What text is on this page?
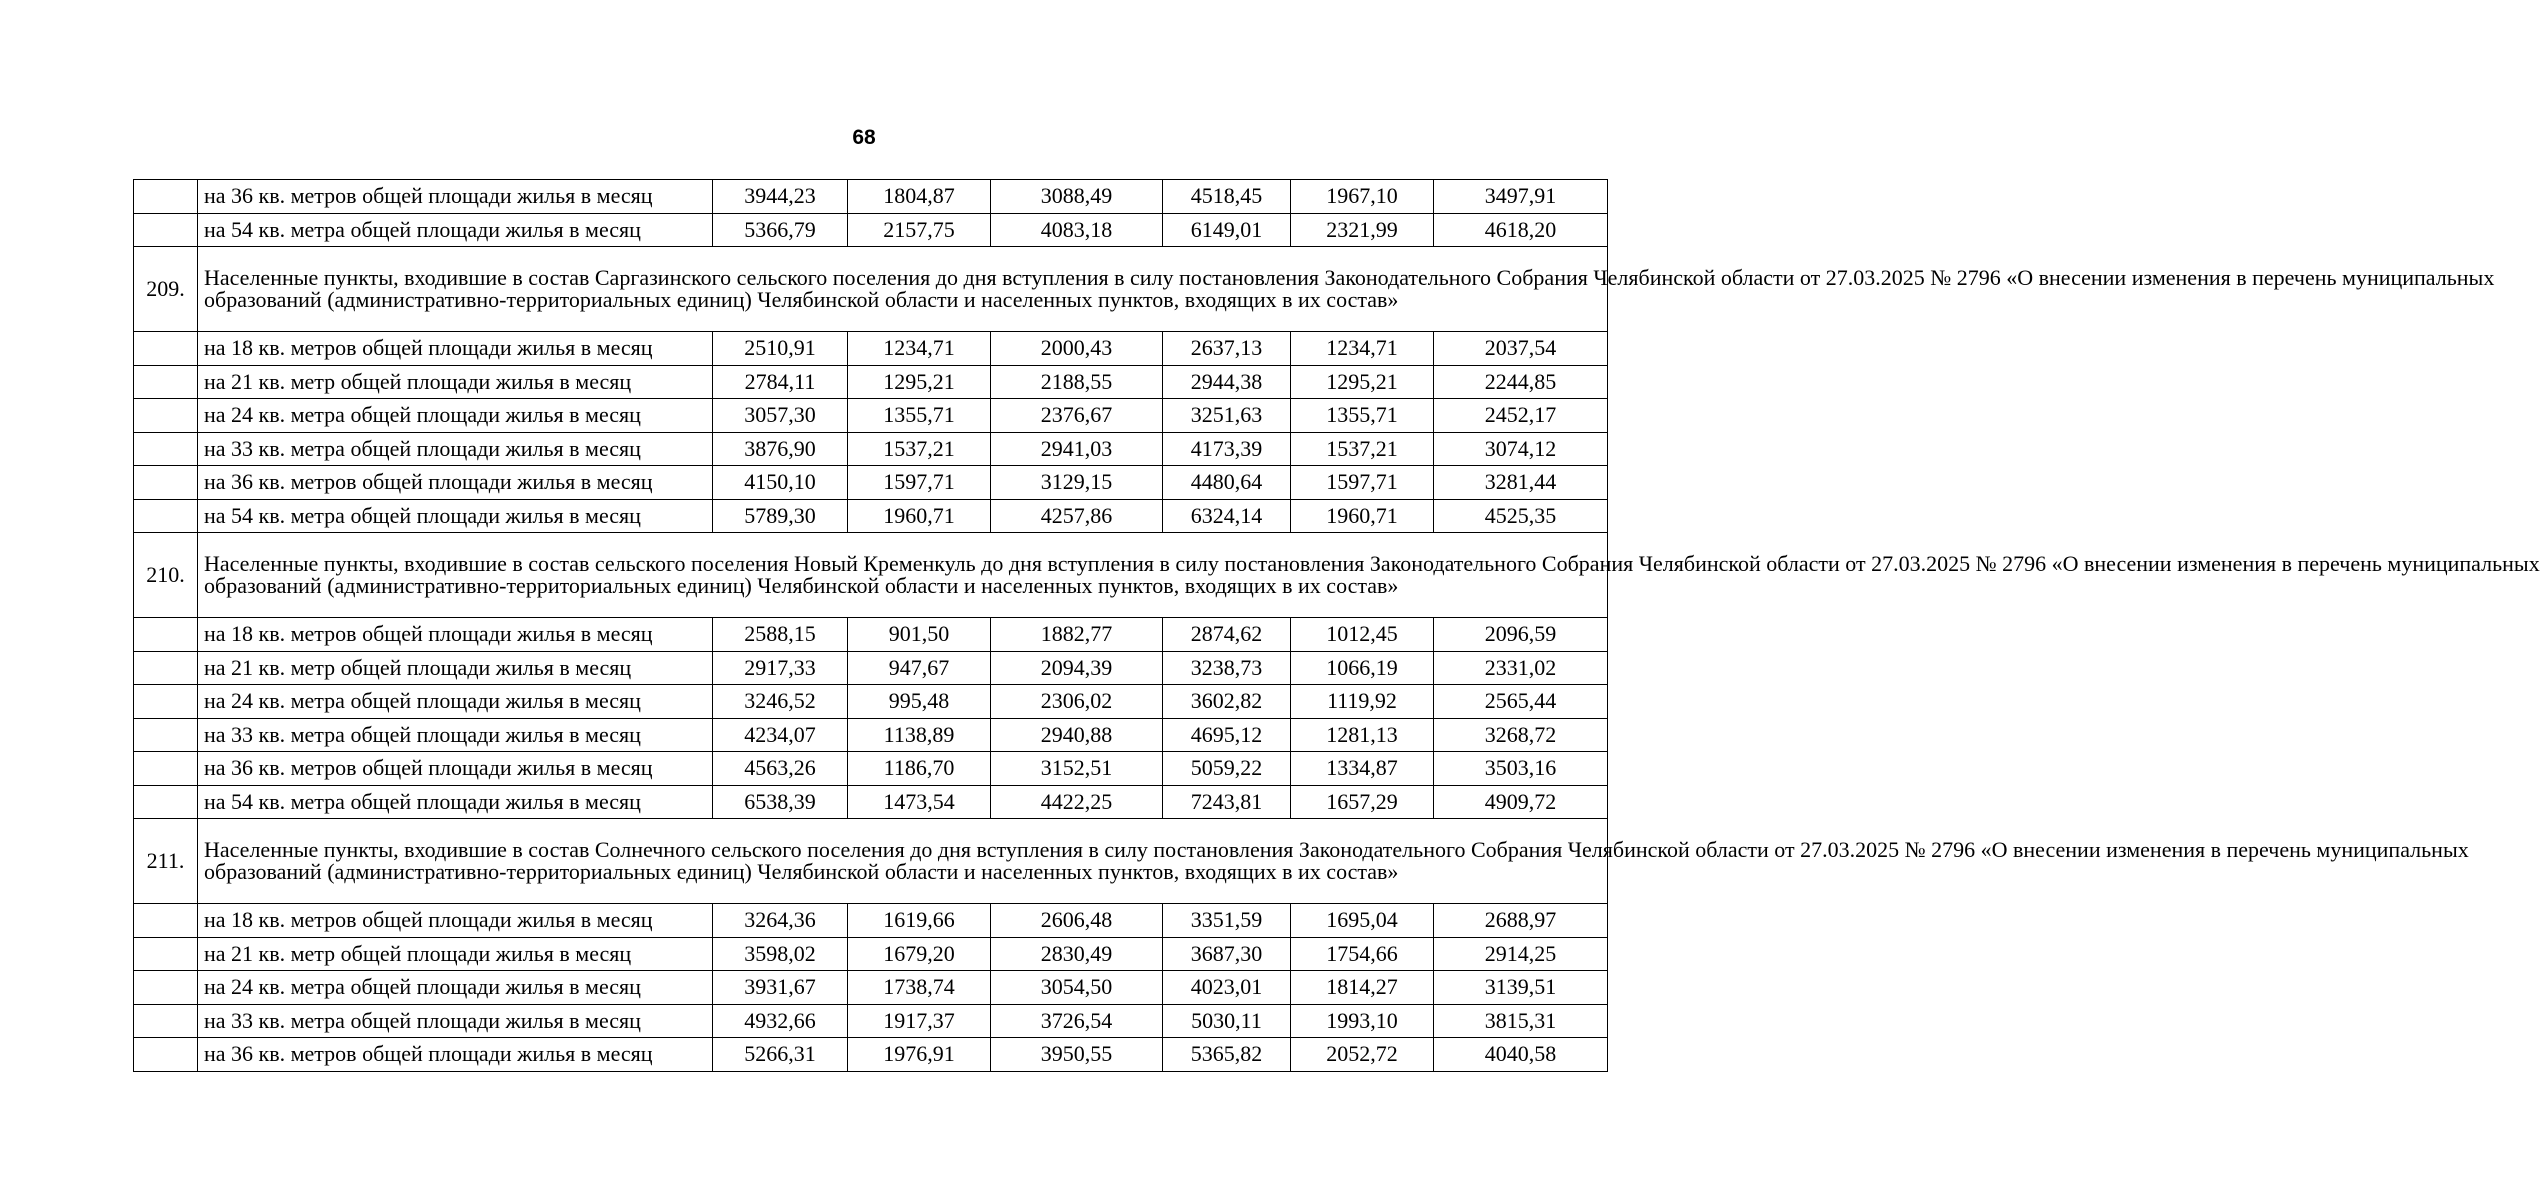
68
	на 36 кв. метров общей площади жилья в месяц	3944,23	1804,87	3088,49	4518,45	1967,10	3497,91
	на 54 кв. метра общей площади жилья в месяц	5366,79	2157,75	4083,18	6149,01	2321,99	4618,20
209.	Населенные пункты, входившие в состав Саргазинского сельского поселения до дня вступления в силу постановления Законодательного Собрания Челябинской области от 27.03.2025 № 2796 «О внесении изменения в перечень муниципальных
образований (административно-территориальных единиц) Челябинской области и населенных пунктов, входящих в их состав»						

	на 18 кв. метров общей площади жилья в месяц	2510,91	1234,71	2000,43	2637,13	1234,71	2037,54
	на 21 кв. метр общей площади жилья в месяц	2784,11	1295,21	2188,55	2944,38	1295,21	2244,85
	на 24 кв. метра общей площади жилья в месяц	3057,30	1355,71	2376,67	3251,63	1355,71	2452,17
	на 33 кв. метра общей площади жилья в месяц	3876,90	1537,21	2941,03	4173,39	1537,21	3074,12
	на 36 кв. метров общей площади жилья в месяц	4150,10	1597,71	3129,15	4480,64	1597,71	3281,44
	на 54 кв. метра общей площади жилья в месяц	5789,30	1960,71	4257,86	6324,14	1960,71	4525,35
210.	Населенные пункты, входившие в состав сельского поселения Новый Кременкуль до дня вступления в силу постановления Законодательного Собрания Челябинской области от 27.03.2025 № 2796 «О внесении изменения в перечень муниципальных
образований (административно-территориальных единиц) Челябинской области и населенных пунктов, входящих в их состав»						

	на 18 кв. метров общей площади жилья в месяц	2588,15	901,50	1882,77	2874,62	1012,45	2096,59
	на 21 кв. метр общей площади жилья в месяц	2917,33	947,67	2094,39	3238,73	1066,19	2331,02
	на 24 кв. метра общей площади жилья в месяц	3246,52	995,48	2306,02	3602,82	1119,92	2565,44
	на 33 кв. метра общей площади жилья в месяц	4234,07	1138,89	2940,88	4695,12	1281,13	3268,72
	на 36 кв. метров общей площади жилья в месяц	4563,26	1186,70	3152,51	5059,22	1334,87	3503,16
	на 54 кв. метра общей площади жилья в месяц	6538,39	1473,54	4422,25	7243,81	1657,29	4909,72
211.	Населенные пункты, входившие в состав Солнечного сельского поселения до дня вступления в силу постановления Законодательного Собрания Челябинской области от 27.03.2025 № 2796 «О внесении изменения в перечень муниципальных
образований (административно-территориальных единиц) Челябинской области и населенных пунктов, входящих в их состав»						

	на 18 кв. метров общей площади жилья в месяц	3264,36	1619,66	2606,48	3351,59	1695,04	2688,97
	на 21 кв. метр общей площади жилья в месяц	3598,02	1679,20	2830,49	3687,30	1754,66	2914,25
	на 24 кв. метра общей площади жилья в месяц	3931,67	1738,74	3054,50	4023,01	1814,27	3139,51
	на 33 кв. метра общей площади жилья в месяц	4932,66	1917,37	3726,54	5030,11	1993,10	3815,31
	на 36 кв. метров общей площади жилья в месяц	5266,31	1976,91	3950,55	5365,82	2052,72	4040,58
